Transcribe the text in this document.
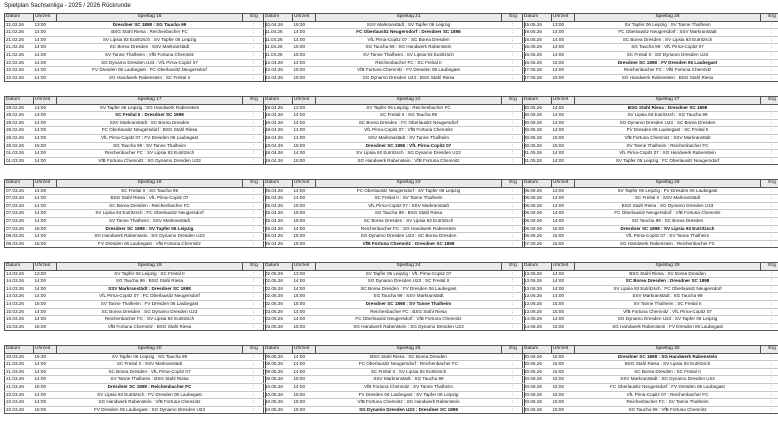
Spielplan Sachsenliga - 2025 / 2026 Rückrunde
Datum	Uhrzeit	Spieltag 16	Erg
21.02.26	13:00	Dresdner SC 1898 : SG Taucha 99	:
21.02.26	14:00	BSG Stahl Riesa : Reichenbacher FC	:
21.02.26	14:00	SV Lipsia 93 Eutritzsch : SV Tapfer 06 Leipzig	:
21.02.26	14:00	SC Borea Dresden : SSV Markranstädt	:
21.02.26	14:00	SV Tanne Thalheim : VfB Fortuna Chemnitz	:
22.02.26	14:00	SG Dynamo Dresden U23 : VfL Pirna-Copitz 07	:
22.02.26	14:00	FV Dresden 06 Laubegast : FC Oberlausitz Neugersdorf	:
22.02.26	14:00	SG Handwerk Rabenstein : SC Freital II	:
Datum	Uhrzeit	Spieltag 21	Erg
10.04.26	19:30	SSV Markranstädt : SV Tapfer 06 Leipzig	:
11.04.26	14:00	FC Oberlausitz Neugersdorf : Dresdner SC 1898	:
11.04.26	14:00	VfL Pirna-Copitz 07 : SC Borea Dresden	:
11.04.26	15:00	SG Taucha 99 : SG Handwerk Rabenstein	:
11.04.26	15:00	SV Tanne Thalheim : SV Lipsia 93 Eutritzsch	:
12.04.26	14:00	Reichenbacher FC : SC Freital II	:
12.04.26	15:00	VfB Fortuna Chemnitz : FV Dresden 06 Laubegast	:
12.04.26	15:00	SG Dynamo Dresden U23 : BSG Stahl Riesa	:
Datum	Uhrzeit	Spieltag 26	Erg
15.05.26	13:00	SV Tapfer 06 Leipzig : SV Tanne Thalheim	:
16.05.26	14:00	FC Oberlausitz Neugersdorf : SSV Markranstädt	:
16.05.26	14:00	SC Borea Dresden : SV Lipsia 93 Eutritzsch	:
16.05.26	14:00	SG Taucha 99 : VfL Pirna-Copitz 07	:
16.05.26	14:00	SC Freital II : SG Dynamo Dresden U23	:
16.05.26	15:00	Dresdner SC 1898 : FV Dresden 06 Laubegast	:
17.05.26	14:00	Reichenbacher FC : VfB Fortuna Chemnitz	:
17.05.26	15:00	SG Handwerk Rabenstein : BSG Stahl Riesa	:
Datum	Uhrzeit	Spieltag 17	Erg
28.02.26	13:00	SV Tapfer 06 Leipzig : SG Handwerk Rabenstein	:
28.02.26	13:00	SC Freital II : Dresdner SC 1898	:
28.02.26	14:00	SSV Markranstädt : SC Borea Dresden	:
28.02.26	14:00	FC Oberlausitz Neugersdorf : BSG Stahl Riesa	:
28.02.26	14:00	VfL Pirna-Copitz 07 : FV Dresden 06 Laubegast	:
28.02.26	15:00	SG Taucha 99 : SV Tanne Thalheim	:
01.03.26	14:00	Reichenbacher FC : SV Lipsia 93 Eutritzsch	:
01.03.26	14:00	VfB Fortuna Chemnitz : SG Dynamo Dresden U23	:
Datum	Uhrzeit	Spieltag 22	Erg
18.04.26	13:00	SV Tapfer 06 Leipzig : Reichenbacher FC	:
18.04.26	14:00	SC Freital II : SG Taucha 99	:
18.04.26	14:00	SC Borea Dresden : FC Oberlausitz Neugersdorf	:
18.04.26	14:00	VfL Pirna-Copitz 07 : VfB Fortuna Chemnitz	:
18.04.26	14:00	SSV Markranstädt : SV Tanne Thalheim	:
18.04.26	15:00	Dresdner SC 1898 : VfL Pirna-Copitz 07	:
19.04.26	14:00	SV Lipsia 93 Eutritzsch : SG Dynamo Dresden U23	:
19.04.26	15:00	SG Handwerk Rabenstein : VfB Fortuna Chemnitz	:
Datum	Uhrzeit	Spieltag 27	Erg
30.05.26	14:00	BSG Stahl Riesa : Dresdner SC 1898	:
30.05.26	14:00	SV Lipsia 93 Eutritzsch : SG Taucha 99	:
30.05.26	14:00	SG Dynamo Dresden U23 : SC Borea Dresden	:
30.05.26	14:00	FV Dresden 06 Laubegast : SC Freital II	:
30.05.26	15:00	VfB Fortuna Chemnitz : SSV Markranstädt	:
30.05.26	15:00	SV Tanne Thalheim : Reichenbacher FC	:
31.05.26	14:00	VfL Pirna-Copitz 07 : SG Handwerk Rabenstein	:
31.05.26	14:00	SV Tapfer 06 Leipzig : FC Oberlausitz Neugersdorf	:
Datum	Uhrzeit	Spieltag 18	Erg
07.03.26	14:00	SC Freital II : SG Taucha 99	:
07.03.26	14:00	BSG Stahl Riesa : VfL Pirna-Copitz 07	:
07.03.26	14:00	SC Borea Dresden : Reichenbacher FC	:
07.03.26	14:00	SV Lipsia 93 Eutritzsch : FC Oberlausitz Neugersdorf	:
07.03.26	14:00	SV Tanne Thalheim : SSV Markranstädt	:
07.03.26	15:00	Dresdner SC 1898 : SV Tapfer 06 Leipzig	:
08.03.26	14:00	SG Handwerk Rabenstein : SG Dynamo Dresden U23	:
08.03.26	15:00	FV Dresden 06 Laubegast : VfB Fortuna Chemnitz	:
Datum	Uhrzeit	Spieltag 23	Erg
25.04.26	14:00	FC Oberlausitz Neugersdorf : SV Tapfer 06 Leipzig	:
25.04.26	14:00	SC Freital II : SV Tanne Thalheim	:
25.04.26	15:00	VfL Pirna-Copitz 07 : SSV Markranstädt	:
25.04.26	15:00	SG Taucha 99 : BSG Stahl Riesa	:
25.04.26	15:00	SC Borea Dresden : SV Lipsia 93 Eutritzsch	:
26.04.26	14:00	Reichenbacher FC : SG Handwerk Rabenstein	:
26.04.26	15:00	SG Dynamo Dresden U23 : SC Borea Dresden	:
26.04.26	15:00	VfB Fortuna Chemnitz : Dresdner SC 1898	:
Datum	Uhrzeit	Spieltag 28	Erg
06.06.26	13:00	SV Tapfer 06 Leipzig : FV Dresden 06 Laubegast	:
06.06.26	14:00	SC Freital II : SSV Markranstädt	:
06.06.26	14:00	BSG Stahl Riesa : SG Dynamo Dresden U23	:
06.06.26	14:00	FC Oberlausitz Neugersdorf : VfB Fortuna Chemnitz	:
06.06.26	14:00	SG Taucha 99 : SC Borea Dresden	:
06.06.26	15:00	Dresdner SC 1898 : SV Lipsia 93 Eutritzsch	:
06.06.26	15:00	VfL Pirna-Copitz 07 : SV Tanne Thalheim	:
07.06.26	15:00	SG Handwerk Rabenstein : Reichenbacher FC	:
Datum	Uhrzeit	Spieltag 19	Erg
14.03.26	13:00	SV Tapfer 06 Leipzig : SC Freital II	:
14.03.26	14:00	SG Taucha 99 : BSG Stahl Riesa	:
14.03.26	14:00	SSV Markranstädt : Dresdner SC 1898	:
14.03.26	14:00	VfL Pirna-Copitz 07 : FC Oberlausitz Neugersdorf	:
14.03.26	15:00	SV Tanne Thalheim : FV Dresden 06 Laubegast	:
15.03.26	14:00	SC Borea Dresden : SG Dynamo Dresden U23	:
15.03.26	14:00	Reichenbacher FC : SV Lipsia 93 Eutritzsch	:
15.03.26	15:00	VfB Fortuna Chemnitz : BSG Stahl Riesa	:
Datum	Uhrzeit	Spieltag 24	Erg
02.05.26	13:00	SV Tapfer 06 Leipzig : VfL Pirna-Copitz 07	:
02.05.26	14:00	SG Dynamo Dresden U23 : SC Freital II	:
02.05.26	14:00	SC Borea Dresden : FV Dresden 06 Laubegast	:
02.05.26	15:00	SG Taucha 99 : SSV Markranstädt	:
02.05.26	15:00	Dresdner SC 1898 : SV Tanne Thalheim	:
03.05.26	14:00	Reichenbacher FC : BSG Stahl Riesa	:
03.05.26	14:00	FC Oberlausitz Neugersdorf : VfB Fortuna Chemnitz	:
03.05.26	15:00	SG Handwerk Rabenstein : SG Dynamo Dresden U23	:
Datum	Uhrzeit	Spieltag 29	Erg
13.06.26	14:00	BSG Stahl Riesa : SV Borea Dresden	:
13.06.26	14:00	SC Borea Dresden : Dresdner SC 1898	:
13.06.26	14:00	SV Lipsia 93 Eutritzsch : FC Oberlausitz Neugersdorf	:
13.06.26	14:00	SSV Markranstädt : SG Taucha 99	:
13.06.26	15:00	SV Tanne Thalheim : SC Freital II	:
13.06.26	15:00	VfB Fortuna Chemnitz : VfL Pirna-Copitz 07	:
14.06.26	14:00	SG Dynamo Dresden U23 : SV Tapfer 06 Leipzig	:
14.06.26	15:00	SG Handwerk Rabenstein : FV Dresden 06 Laubegast	:
Datum	Uhrzeit	Spieltag 20	Erg
20.03.26	19:30	SV Tapfer 06 Leipzig : SG Taucha 99	:
21.03.26	14:00	SC Freital II : SSV Markranstädt	:
21.03.26	14:00	SC Borea Dresden : VfL Pirna-Copitz 07	:
21.03.26	14:00	SV Tanne Thalheim : BSG Stahl Riesa	:
21.03.26	15:00	Dresdner SC 1898 : Reichenbacher FC	:
22.03.26	14:00	SV Lipsia 93 Eutritzsch : FV Dresden 06 Laubegast	:
22.03.26	14:00	SG Handwerk Rabenstein : VfB Fortuna Chemnitz	:
22.03.26	15:00	FV Dresden 06 Laubegast : SG Dynamo Dresden U23	:
Datum	Uhrzeit	Spieltag 25	Erg
09.05.26	14:00	BSG Stahl Riesa : SC Borea Dresden	:
09.05.26	14:00	FC Oberlausitz Neugersdorf : Reichenbacher FC	:
09.05.26	14:00	SC Freital II : SV Lipsia 93 Eutritzsch	:
09.05.26	15:00	SSV Markranstädt : SG Taucha 99	:
10.05.26	14:00	VfB Fortuna Chemnitz : SV Tanne Thalheim	:
10.05.26	15:00	FV Dresden 06 Laubegast : SV Tapfer 06 Leipzig	:
10.05.26	15:00	VfB Fortuna Chemnitz : SG Handwerk Rabenstein	:
10.05.26	15:00	SG Dynamo Dresden U23 : Dresdner SC 1898	:
Datum	Uhrzeit	Spieltag 30	Erg
20.06.26	15:00	Dresdner SC 1898 : SG Handwerk Rabenstein	:
20.06.26	15:00	BSG Stahl Riesa : SV Lipsia 93 Eutritzsch	:
20.06.26	15:00	SC Borea Dresden : SC Freital II	:
20.06.26	15:00	SSV Markranstädt : SG Dynamo Dresden U23	:
20.06.26	15:00	FC Oberlausitz Neugersdorf : FV Dresden 06 Laubegast	:
20.06.26	15:00	VfL Pirna-Copitz 07 : Reichenbacher FC	:
20.06.26	15:00	Reichenbacher FC : SV Tanne Thalheim	:
20.06.26	15:00	SG Taucha 99 : VfB Fortuna Chemnitz	:
